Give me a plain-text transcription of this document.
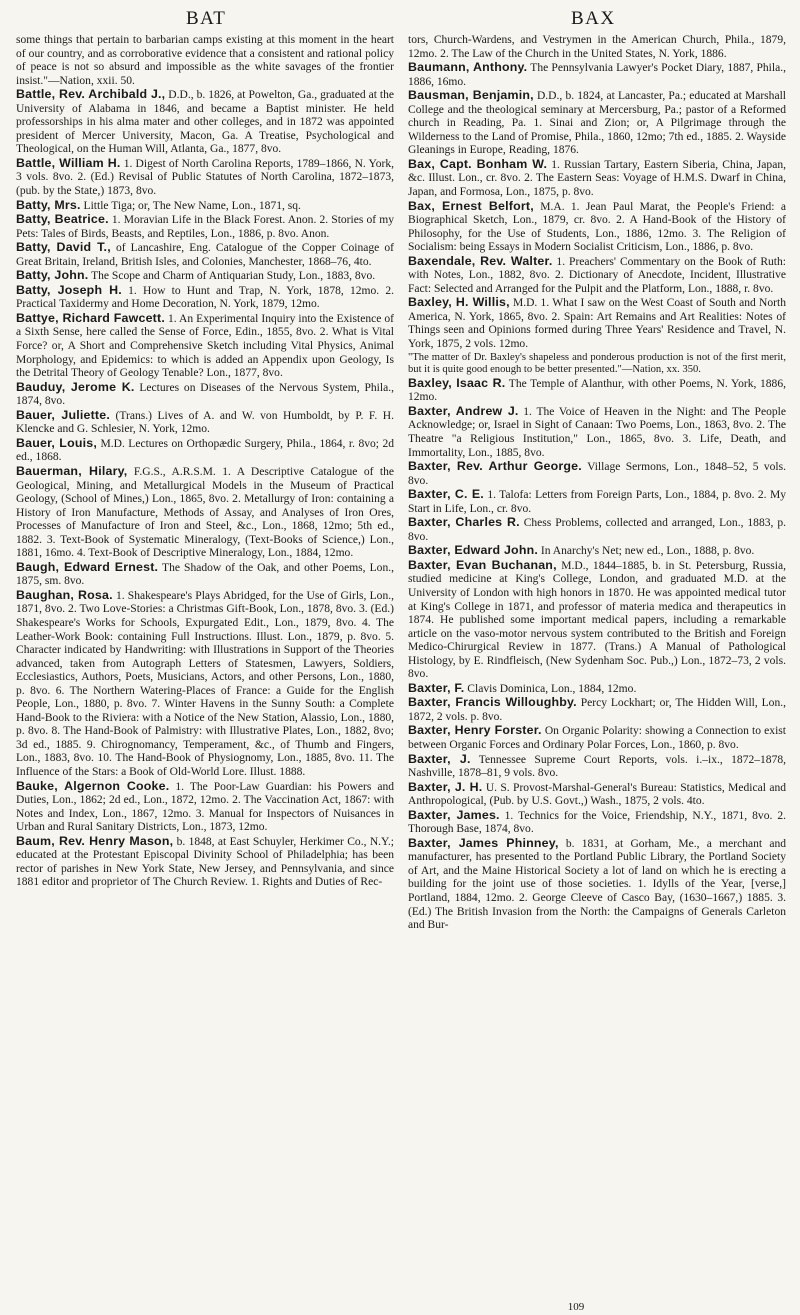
BAT	BAX

some things that pertain to barbarian camps existing at this moment in the heart of our country, and as corroborative evidence that a consistent and rational policy of peace is not so absurd and impossible as the white savages of the frontier insist."—Nation, xxii. 50.

Battle, Rev. Archibald J., D.D., b. 1826, at Powelton, Ga., graduated at the University of Alabama in 1846, and became a Baptist minister. He held professorships in his alma mater and other colleges, and in 1872 was appointed president of Mercer University, Macon, Ga. A Treatise, Psychological and Theological, on the Human Will, Atlanta, Ga., 1877, 8vo.

Battle, William H. 1. Digest of North Carolina Reports, 1789–1866, N. York, 3 vols. 8vo. 2. (Ed.) Revisal of Public Statutes of North Carolina, 1872–1873, (pub. by the State,) 1873, 8vo.

Batty, Mrs. Little Tiga; or, The New Name, Lon., 1871, sq.

Batty, Beatrice. 1. Moravian Life in the Black Forest. Anon. 2. Stories of my Pets: Tales of Birds, Beasts, and Reptiles, Lon., 1886, p. 8vo. Anon.

Batty, David T., of Lancashire, Eng. Catalogue of the Copper Coinage of Great Britain, Ireland, British Isles, and Colonies, Manchester, 1868–76, 4to.

Batty, John. The Scope and Charm of Antiquarian Study, Lon., 1883, 8vo.

Batty, Joseph H. 1. How to Hunt and Trap, N. York, 1878, 12mo. 2. Practical Taxidermy and Home Decoration, N. York, 1879, 12mo.

Battye, Richard Fawcett. 1. An Experimental Inquiry into the Existence of a Sixth Sense, here called the Sense of Force, Edin., 1855, 8vo. 2. What is Vital Force? or, A Short and Comprehensive Sketch including Vital Physics, Animal Morphology, and Epidemics: to which is added an Appendix upon Geology, Is the Detrital Theory of Geology Tenable? Lon., 1877, 8vo.

Bauduy, Jerome K. Lectures on Diseases of the Nervous System, Phila., 1874, 8vo.

Bauer, Juliette. (Trans.) Lives of A. and W. von Humboldt, by P. F. H. Klencke and G. Schlesier, N. York, 12mo.

Bauer, Louis, M.D. Lectures on Orthopædic Surgery, Phila., 1864, r. 8vo; 2d ed., 1868.

Bauerman, Hilary, F.G.S., A.R.S.M. 1. A Descriptive Catalogue of the Geological, Mining, and Metallurgical Models in the Museum of Practical Geology, (School of Mines,) Lon., 1865, 8vo. 2. Metallurgy of Iron: containing a History of Iron Manufacture, Methods of Assay, and Analyses of Iron Ores, Processes of Manufacture of Iron and Steel, &c., Lon., 1868, 12mo; 5th ed., 1882. 3. Text-Book of Systematic Mineralogy, (Text-Books of Science,) Lon., 1881, 16mo. 4. Text-Book of Descriptive Mineralogy, Lon., 1884, 12mo.

Baugh, Edward Ernest. The Shadow of the Oak, and other Poems, Lon., 1875, sm. 8vo.

Baughan, Rosa. 1. Shakespeare's Plays Abridged, for the Use of Girls, Lon., 1871, 8vo. 2. Two Love-Stories: a Christmas Gift-Book, Lon., 1878, 8vo. 3. (Ed.) Shakespeare's Works for Schools, Expurgated Edit., Lon., 1879, 8vo. 4. The Leather-Work Book: containing Full Instructions. Illust. Lon., 1879, p. 8vo. 5. Character indicated by Handwriting: with Illustrations in Support of the Theories advanced, taken from Autograph Letters of Statesmen, Lawyers, Soldiers, Ecclesiastics, Authors, Poets, Musicians, Actors, and other Persons, Lon., 1880, p. 8vo. 6. The Northern Watering-Places of France: a Guide for the English People, Lon., 1880, p. 8vo. 7. Winter Havens in the Sunny South: a Complete Hand-Book to the Riviera: with a Notice of the New Station, Alassio, Lon., 1880, p. 8vo. 8. The Hand-Book of Palmistry: with Illustrative Plates, Lon., 1882, 8vo; 3d ed., 1885. 9. Chirognomancy, Temperament, &c., of Thumb and Fingers, Lon., 1883, 8vo. 10. The Hand-Book of Physiognomy, Lon., 1885, 8vo. 11. The Influence of the Stars: a Book of Old-World Lore. Illust. 1888.

Bauke, Algernon Cooke. 1. The Poor-Law Guardian: his Powers and Duties, Lon., 1862; 2d ed., Lon., 1872, 12mo. 2. The Vaccination Act, 1867: with Notes and Index, Lon., 1867, 12mo. 3. Manual for Inspectors of Nuisances in Urban and Rural Sanitary Districts, Lon., 1873, 12mo.

Baum, Rev. Henry Mason, b. 1848, at East Schuyler, Herkimer Co., N.Y.; educated at the Protestant Episcopal Divinity School of Philadelphia; has been rector of parishes in New York State, New Jersey, and Pennsylvania, and since 1881 editor and proprietor of The Church Review. 1. Rights and Duties of Rec-

tors, Church-Wardens, and Vestrymen in the American Church, Phila., 1879, 12mo. 2. The Law of the Church in the United States, N. York, 1886.

Baumann, Anthony. The Pennsylvania Lawyer's Pocket Diary, 1887, Phila., 1886, 16mo.

Bausman, Benjamin, D.D., b. 1824, at Lancaster, Pa.; educated at Marshall College and the theological seminary at Mercersburg, Pa.; pastor of a Reformed church in Reading, Pa. 1. Sinai and Zion; or, A Pilgrimage through the Wilderness to the Land of Promise, Phila., 1860, 12mo; 7th ed., 1885. 2. Wayside Gleanings in Europe, Reading, 1876.

Bax, Capt. Bonham W. 1. Russian Tartary, Eastern Siberia, China, Japan, &c. Illust. Lon., cr. 8vo. 2. The Eastern Seas: Voyage of H.M.S. Dwarf in China, Japan, and Formosa, Lon., 1875, p. 8vo.

Bax, Ernest Belfort, M.A. 1. Jean Paul Marat, the People's Friend: a Biographical Sketch, Lon., 1879, cr. 8vo. 2. A Hand-Book of the History of Philosophy, for the Use of Students, Lon., 1886, 12mo. 3. The Religion of Socialism: being Essays in Modern Socialist Criticism, Lon., 1886, p. 8vo.

Baxendale, Rev. Walter. 1. Preachers' Commentary on the Book of Ruth: with Notes, Lon., 1882, 8vo. 2. Dictionary of Anecdote, Incident, Illustrative Fact: Selected and Arranged for the Pulpit and the Platform, Lon., 1888, r. 8vo.

Baxley, H. Willis, M.D. 1. What I saw on the West Coast of South and North America, N. York, 1865, 8vo. 2. Spain: Art Remains and Art Realities: Notes of Things seen and Opinions formed during Three Years' Residence and Travel, N. York, 1875, 2 vols. 12mo.

"The matter of Dr. Baxley's shapeless and ponderous production is not of the first merit, but it is quite good enough to be better presented."—Nation, xx. 350.

Baxley, Isaac R. The Temple of Alanthur, with other Poems, N. York, 1886, 12mo.

Baxter, Andrew J. 1. The Voice of Heaven in the Night: and The People Acknowledge; or, Israel in Sight of Canaan: Two Poems, Lon., 1863, 8vo. 2. The Theatre "a Religious Institution," Lon., 1865, 8vo. 3. Life, Death, and Immortality, Lon., 1885, 8vo.

Baxter, Rev. Arthur George. Village Sermons, Lon., 1848–52, 5 vols. 8vo.

Baxter, C. E. 1. Talofa: Letters from Foreign Parts, Lon., 1884, p. 8vo. 2. My Start in Life, Lon., cr. 8vo.

Baxter, Charles R. Chess Problems, collected and arranged, Lon., 1883, p. 8vo.

Baxter, Edward John. In Anarchy's Net; new ed., Lon., 1888, p. 8vo.

Baxter, Evan Buchanan, M.D., 1844–1885, b. in St. Petersburg, Russia, studied medicine at King's College, London, and graduated M.D. at the University of London with high honors in 1870. He was appointed medical tutor at King's College in 1871, and professor of materia medica and therapeutics in 1874. He published some important medical papers, including a remarkable article on the vaso-motor nervous system contributed to the British and Foreign Medico-Chirurgical Review in 1877. (Trans.) A Manual of Pathological Histology, by E. Rindfleisch, (New Sydenham Soc. Pub.,) Lon., 1872–73, 2 vols. 8vo.

Baxter, F. Clavis Dominica, Lon., 1884, 12mo.

Baxter, Francis Willoughby. Percy Lockhart; or, The Hidden Will, Lon., 1872, 2 vols. p. 8vo.

Baxter, Henry Forster. On Organic Polarity: showing a Connection to exist between Organic Forces and Ordinary Polar Forces, Lon., 1860, p. 8vo.

Baxter, J. Tennessee Supreme Court Reports, vols. i.–ix., 1872–1878, Nashville, 1878–81, 9 vols. 8vo.

Baxter, J. H. U. S. Provost-Marshal-General's Bureau: Statistics, Medical and Anthropological, (Pub. by U.S. Govt.,) Wash., 1875, 2 vols. 4to.

Baxter, James. 1. Technics for the Voice, Friendship, N.Y., 1871, 8vo. 2. Thorough Base, 1874, 8vo.

Baxter, James Phinney, b. 1831, at Gorham, Me., a merchant and manufacturer, has presented to the Portland Public Library, the Portland Society of Art, and the Maine Historical Society a lot of land on which he is erecting a building for the joint use of those societies. 1. Idylls of the Year, [verse,] Portland, 1884, 12mo. 2. George Cleeve of Casco Bay, (1630–1667,) 1885. 3. (Ed.) The British Invasion from the North: the Campaigns of Generals Carleton and Bur-

109
